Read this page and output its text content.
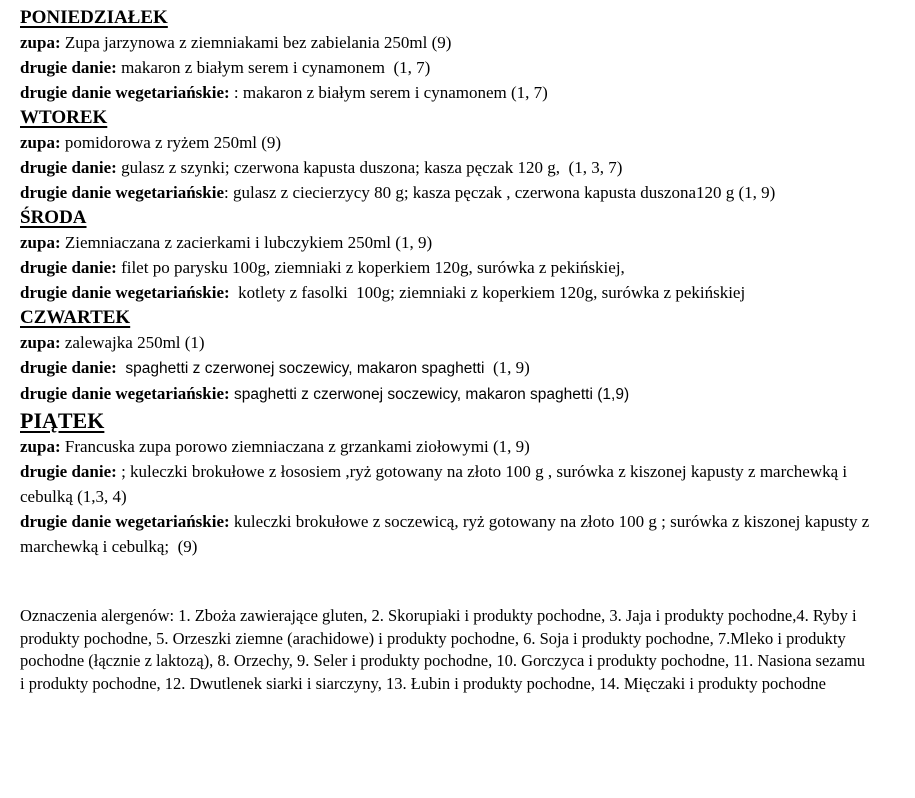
PONIEDZIAŁEK

zupa: Zupa jarzynowa z ziemniakami bez zabielania 250ml (9)

drugie danie: makaron z białym serem i cynamonem  (1, 7)

drugie danie wegetariańskie: : makaron z białym serem i cynamonem (1, 7)

WTOREK

zupa: pomidorowa z ryżem 250ml (9)

drugie danie: gulasz z szynki; czerwona kapusta duszona; kasza pęczak 120 g,  (1, 3, 7)

drugie danie wegetariańskie: gulasz z ciecierzycy 80 g; kasza pęczak , czerwona kapusta duszona120 g (1, 9)

ŚRODA

zupa: Ziemniaczana z zacierkami i lubczykiem 250ml (1, 9)

drugie danie: filet po parysku 100g, ziemniaki z koperkiem 120g, surówka z pekińskiej,

drugie danie wegetariańskie:  kotlety z fasolki  100g; ziemniaki z koperkiem 120g, surówka z pekińskiej

CZWARTEK

zupa: zalewajka 250ml (1)

drugie danie:  spaghetti z czerwonej soczewicy, makaron spaghetti  (1, 9)

drugie danie wegetariańskie: spaghetti z czerwonej soczewicy, makaron spaghetti (1,9)

PIĄTEK

zupa: Francuska zupa porowo ziemniaczana z grzankami ziołowymi (1, 9)

drugie danie: ; kuleczki brokułowe z łososiem ,ryż gotowany na złoto 100 g , surówka z kiszonej kapusty z marchewką i cebulką (1,3, 4)

drugie danie wegetariańskie: kuleczki brokułowe z soczewicą, ryż gotowany na złoto 100 g ; surówka z kiszonej kapusty z marchewką i cebulką;  (9)

Oznaczenia alergenów: 1. Zboża zawierające gluten, 2. Skorupiaki i produkty pochodne, 3. Jaja i produkty pochodne,4. Ryby i produkty pochodne, 5. Orzeszki ziemne (arachidowe) i produkty pochodne, 6. Soja i produkty pochodne, 7.Mleko i produkty pochodne (łącznie z laktozą), 8. Orzechy, 9. Seler i produkty pochodne, 10. Gorczyca i produkty pochodne, 11. Nasiona sezamu i produkty pochodne, 12. Dwutlenek siarki i siarczyny, 13. Łubin i produkty pochodne, 14. Mięczaki i produkty pochodne
